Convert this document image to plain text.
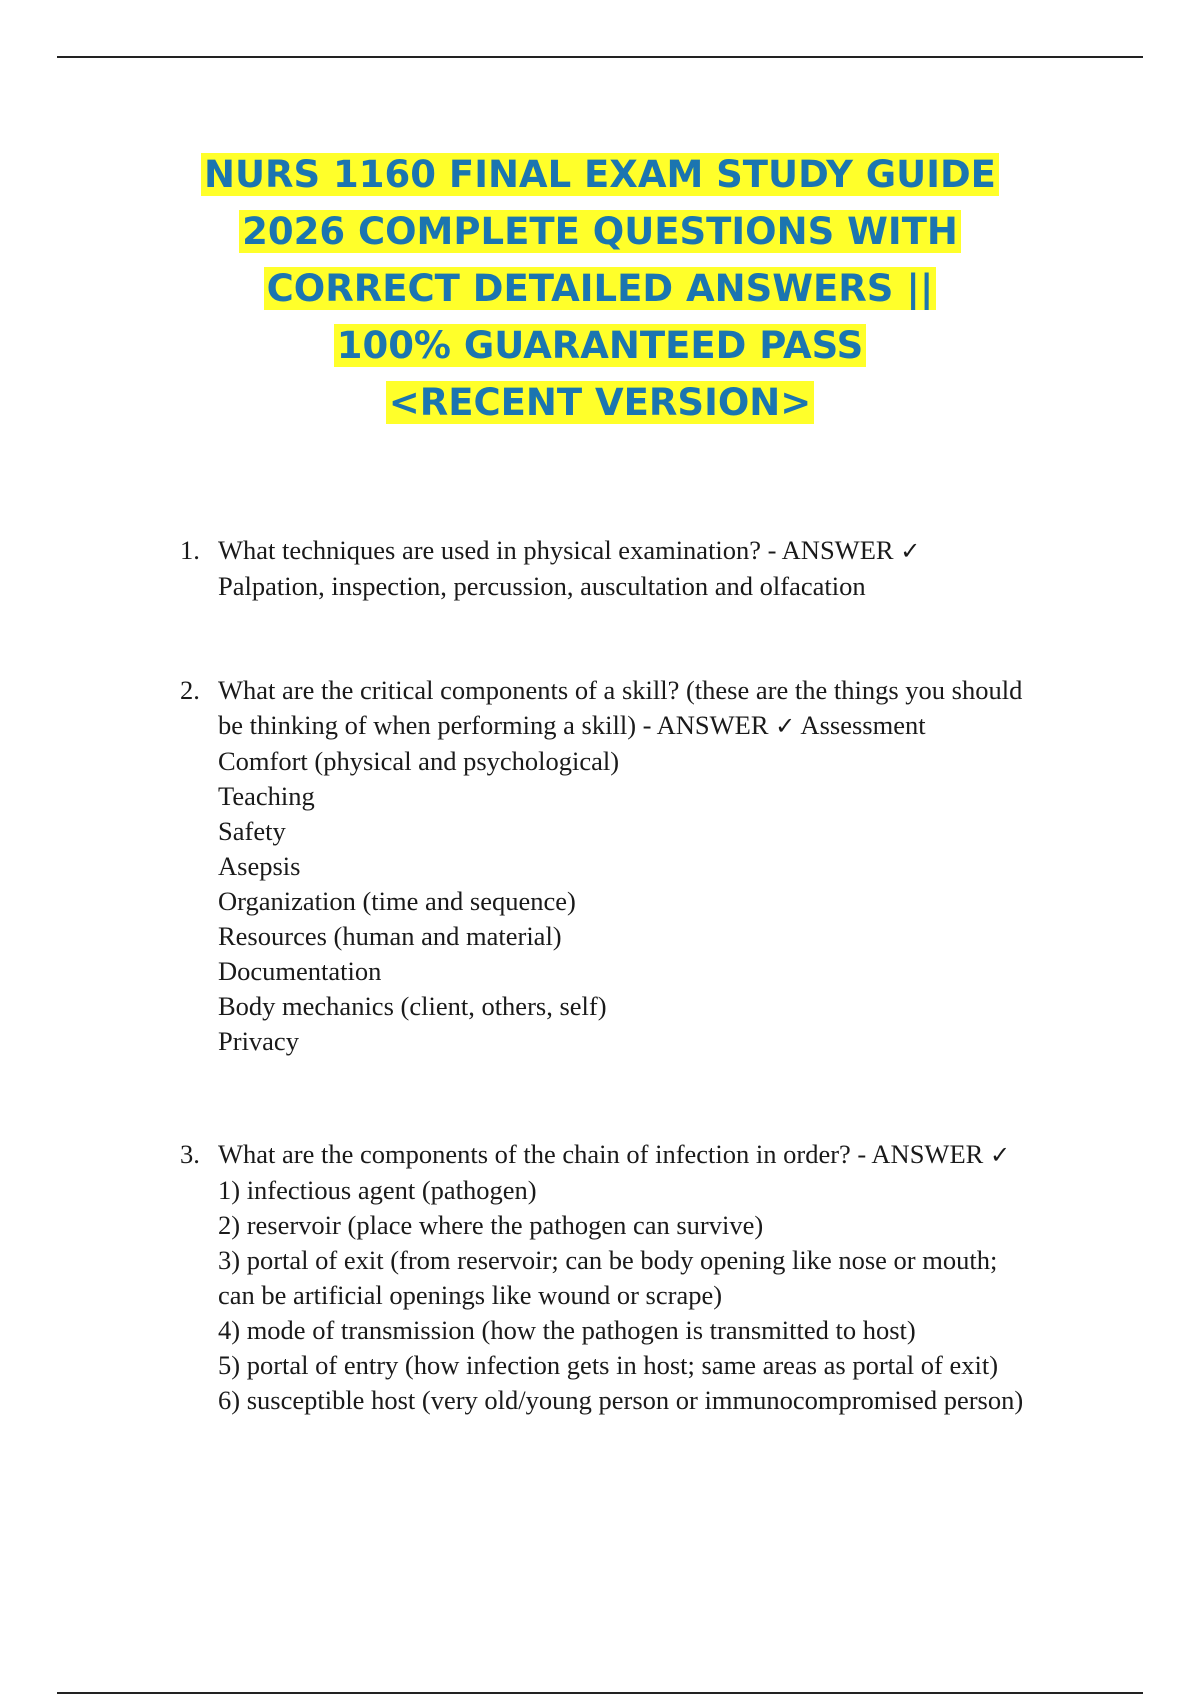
NURS 1160 FINAL EXAM STUDY GUIDE
2026 COMPLETE QUESTIONS WITH
CORRECT DETAILED ANSWERS ||
100% GUARANTEED PASS
<RECENT VERSION>
1. What techniques are used in physical examination? - ANSWER ✓
Palpation, inspection, percussion, auscultation and olfacation
2. What are the critical components of a skill? (these are the things you should
be thinking of when performing a skill) - ANSWER ✓ Assessment
Comfort (physical and psychological)
Teaching
Safety
Asepsis
Organization (time and sequence)
Resources (human and material)
Documentation
Body mechanics (client, others, self)
Privacy
3. What are the components of the chain of infection in order? - ANSWER ✓
1) infectious agent (pathogen)
2) reservoir (place where the pathogen can survive)
3) portal of exit (from reservoir; can be body opening like nose or mouth;
can be artificial openings like wound or scrape)
4) mode of transmission (how the pathogen is transmitted to host)
5) portal of entry (how infection gets in host; same areas as portal of exit)
6) susceptible host (very old/young person or immunocompromised person)
